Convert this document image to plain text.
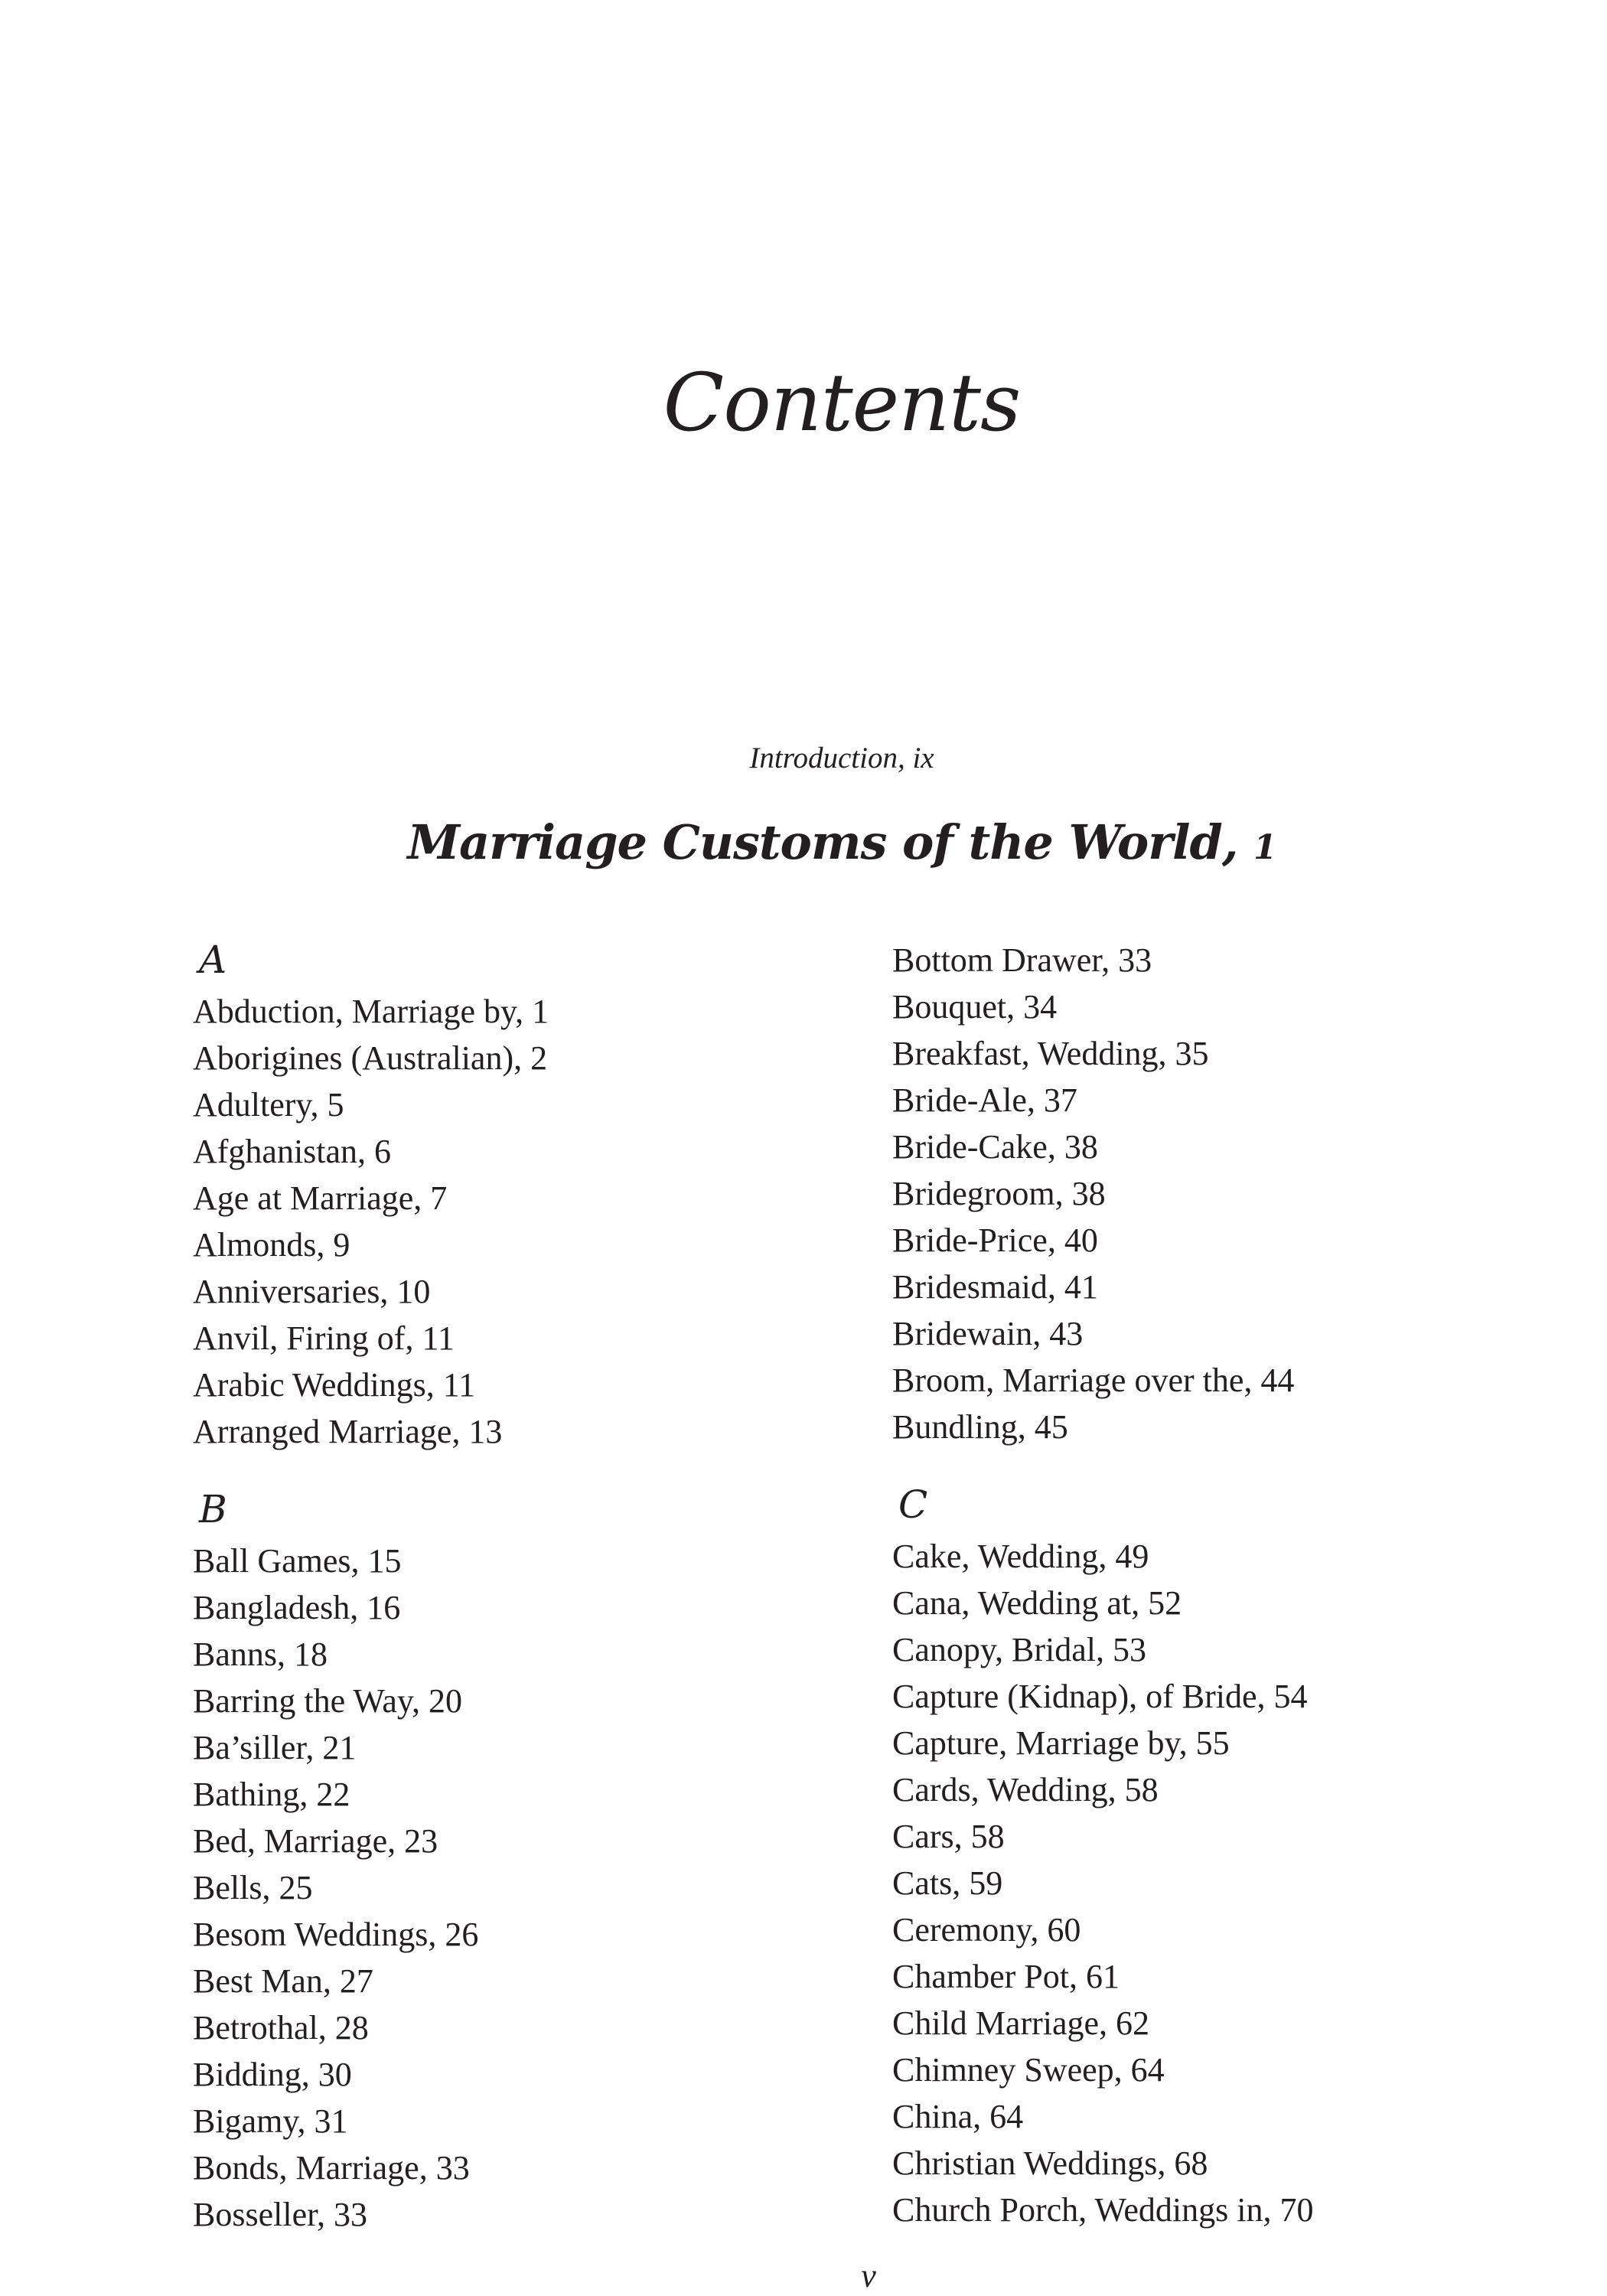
Contents

Introduction, ix

Marriage Customs of the World, 1
A
Abduction, Marriage by, 1
Aborigines (Australian), 2
Adultery, 5
Afghanistan, 6
Age at Marriage, 7
Almonds, 9
Anniversaries, 10
Anvil, Firing of, 11
Arabic Weddings, 11
Arranged Marriage, 13
B
Ball Games, 15
Bangladesh, 16
Banns, 18
Barring the Way, 20
Ba’siller, 21
Bathing, 22
Bed, Marriage, 23
Bells, 25
Besom Weddings, 26
Best Man, 27
Betrothal, 28
Bidding, 30
Bigamy, 31
Bonds, Marriage, 33
Bosseller, 33
Bottom Drawer, 33
Bouquet, 34
Breakfast, Wedding, 35
Bride-Ale, 37
Bride-Cake, 38
Bridegroom, 38
Bride-Price, 40
Bridesmaid, 41
Bridewain, 43
Broom, Marriage over the, 44
Bundling, 45
C
Cake, Wedding, 49
Cana, Wedding at, 52
Canopy, Bridal, 53
Capture (Kidnap), of Bride, 54
Capture, Marriage by, 55
Cards, Wedding, 58
Cars, 58
Cats, 59
Ceremony, 60
Chamber Pot, 61
Child Marriage, 62
Chimney Sweep, 64
China, 64
Christian Weddings, 68
Church Porch, Weddings in, 70

v
